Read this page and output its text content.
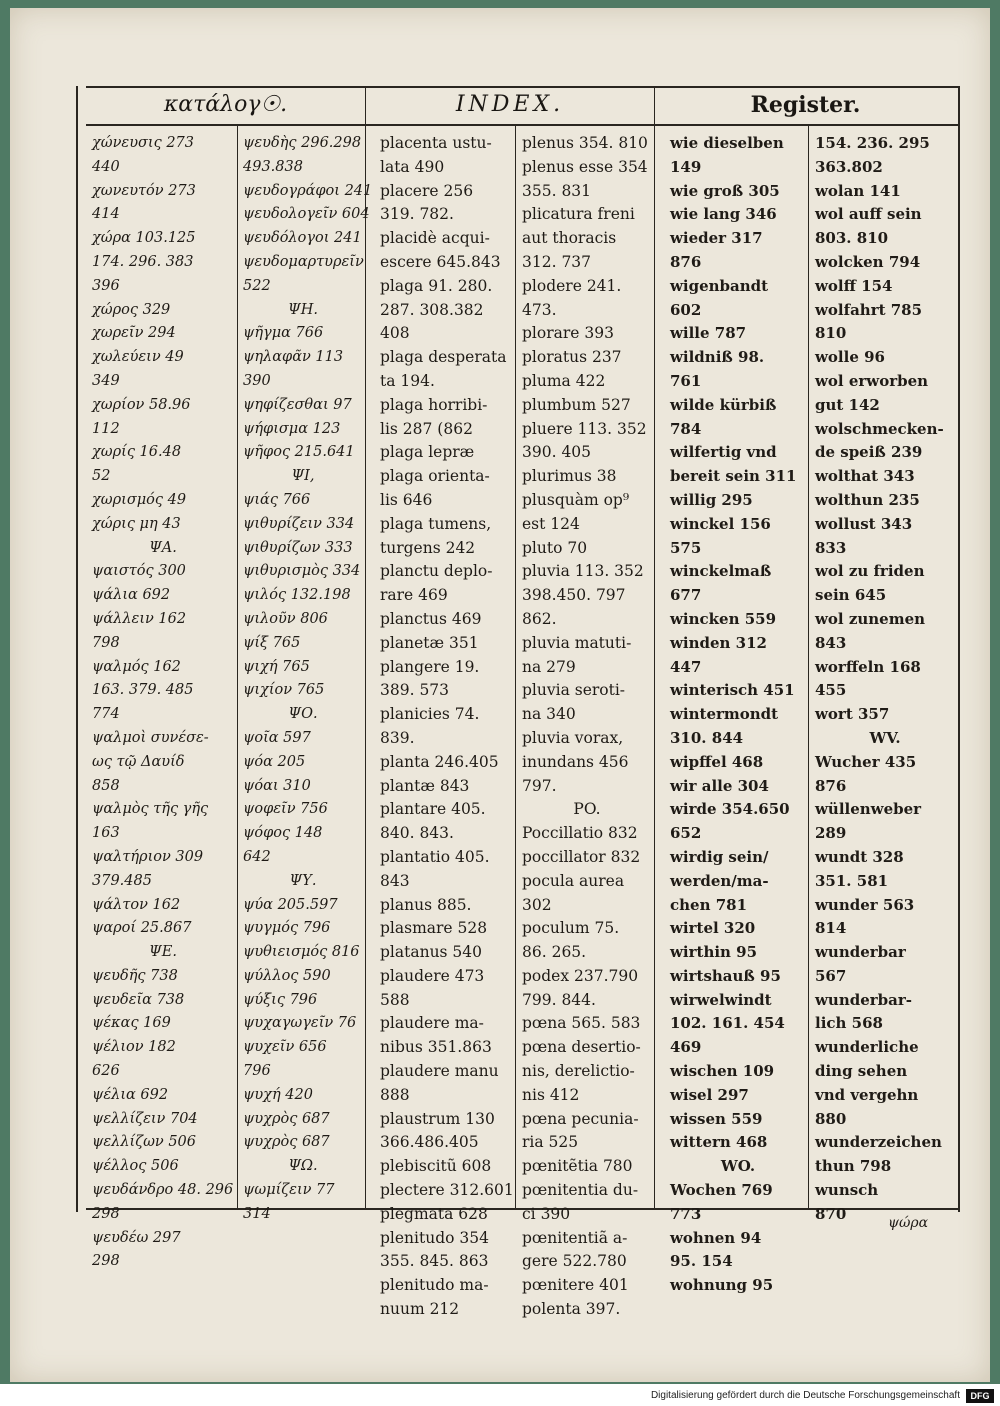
κατάλογ☉.	INDEX.	Register.
χώνευσις 273
440
χωνευτόν 273
414
χώρα 103.125
174. 296. 383
396
χώρος 329
χωρεῖν 294
χωλεύειν 49
349
χωρίον 58.96
112
χωρίς 16.48
52
χωρισμός 49
χώρις μη 43
ΨΑ.
ψαιστός 300
ψάλια 692
ψάλλειν 162
798
ψαλμός 162
163. 379. 485
774
ψαλμοὶ συνέσε-
ως τῷ Δαυίδ
858
ψαλμὸς τῆς γῆς
163
ψαλτήριον 309
379.485
ψάλτον 162
ψαροί 25.867
ΨΕ.
ψευδῆς 738
ψευδεῖα 738
ψέκας 169
ψέλιον 182
626
ψέλια 692
ψελλίζειν 704
ψελλίζων 506
ψέλλος 506
ψευδάνδρο 48. 296
298
ψευδέω 297
298
ψευδὴς 296.298
493.838
ψευδογράφοι 241
ψευδολογεῖν 604
ψευδόλογοι 241
ψευδομαρτυρεῖν
522
ΨΗ.
ψῆγμα 766
ψηλαφᾶν 113
390
ψηφίζεσθαι 97
ψήφισμα 123
ψῆφος 215.641
ΨΙ,
ψιάς 766
ψιθυρίζειν 334
ψιθυρίζων 333
ψιθυρισμὸς 334
ψιλός 132.198
ψιλοῦν 806
ψίξ 765
ψιχή 765
ψιχίον 765
ΨΟ.
ψοῖα 597
ψόα 205
ψόαι 310
ψοφεῖν 756
ψόφος 148
642
ΨΥ.
ψύα 205.597
ψυγμός 796
ψυθιεισμός 816
ψύλλος 590
ψύξις 796
ψυχαγωγεῖν 76
ψυχεῖν 656
796
ψυχή 420
ψυχρὸς 687
ψυχρὸς 687
ΨΩ.
ψωμίζειν 77
314
placenta ustu-
lata 490
placere 256
319. 782.
placidè acqui-
escere 645.843
plaga 91. 280.
287. 308.382
408
plaga desperata
ta 194.
plaga horribi-
lis 287 (862
plaga lepræ
plaga orienta-
lis 646
plaga tumens,
turgens 242
planctu deplo-
rare 469
planctus 469
planetæ 351
plangere 19.
389. 573
planicies 74.
839.
planta 246.405
plantæ 843
plantare 405.
840. 843.
plantatio 405.
843
planus 885.
plasmare 528
platanus 540
plaudere 473
588
plaudere ma-
nibus 351.863
plaudere manu
888
plaustrum 130
366.486.405
plebiscitũ 608
plectere 312.601
plegmata 628
plenitudo 354
355. 845. 863
plenitudo ma-
nuum 212
plenus 354. 810
plenus esse 354
355. 831
plicatura freni
aut thoracis
312. 737
plodere 241.
473.
plorare 393
ploratus 237
pluma 422
plumbum 527
pluere 113. 352
390. 405
plurimus 38
plusquàm op⁹
est 124
pluto 70
pluvia 113. 352
398.450. 797
862.
pluvia matuti-
na 279
pluvia seroti-
na 340
pluvia vorax,
inundans 456
797.
PO.
Poccillatio 832
poccillator 832
pocula aurea
302
poculum 75.
86. 265.
podex 237.790
799. 844.
pœna 565. 583
pœna desertio-
nis, derelictio-
nis 412
pœna pecunia-
ria 525
pœnitẽtia 780
pœnitentia du-
ci 390
pœnitentiã a-
gere 522.780
pœnitere 401
polenta 397.
wie dieselben
149
wie groß 305
wie lang 346
wieder 317
876
wigenbandt
602
wille 787
wildniß 98.
761
wilde kürbiß
784
wilfertig vnd
bereit sein 311
willig 295
winckel 156
575
winckelmaß
677
wincken 559
winden 312
447
winterisch 451
wintermondt
310. 844
wipffel 468
wir alle 304
wirde 354.650
652
wirdig sein/
werden/ma-
chen 781
wirtel 320
wirthin 95
wirtshauß 95
wirwelwindt
102. 161. 454
469
wischen 109
wisel 297
wissen 559
wittern 468
WO.
Wochen 769
773
wohnen 94
95. 154
wohnung 95
154. 236. 295
363.802
wolan 141
wol auff sein
803. 810
wolcken 794
wolff 154
wolfahrt 785
810
wolle 96
wol erworben
gut 142
wolschmecken-
de speiß 239
wolthat 343
wolthun 235
wollust 343
833
wol zu friden
sein 645
wol zunemen
843
worffeln 168
455
wort 357
WV.
Wucher 435
876
wüllenweber
289
wundt 328
351. 581
wunder 563
814
wunderbar
567
wunderbar-
lich 568
wunderliche
ding sehen
vnd vergehn
880
wunderzeichen
thun 798
wunsch
870
ψώρα
Digitalisierung gefördert durch die Deutsche Forschungsgemeinschaft	DFG
